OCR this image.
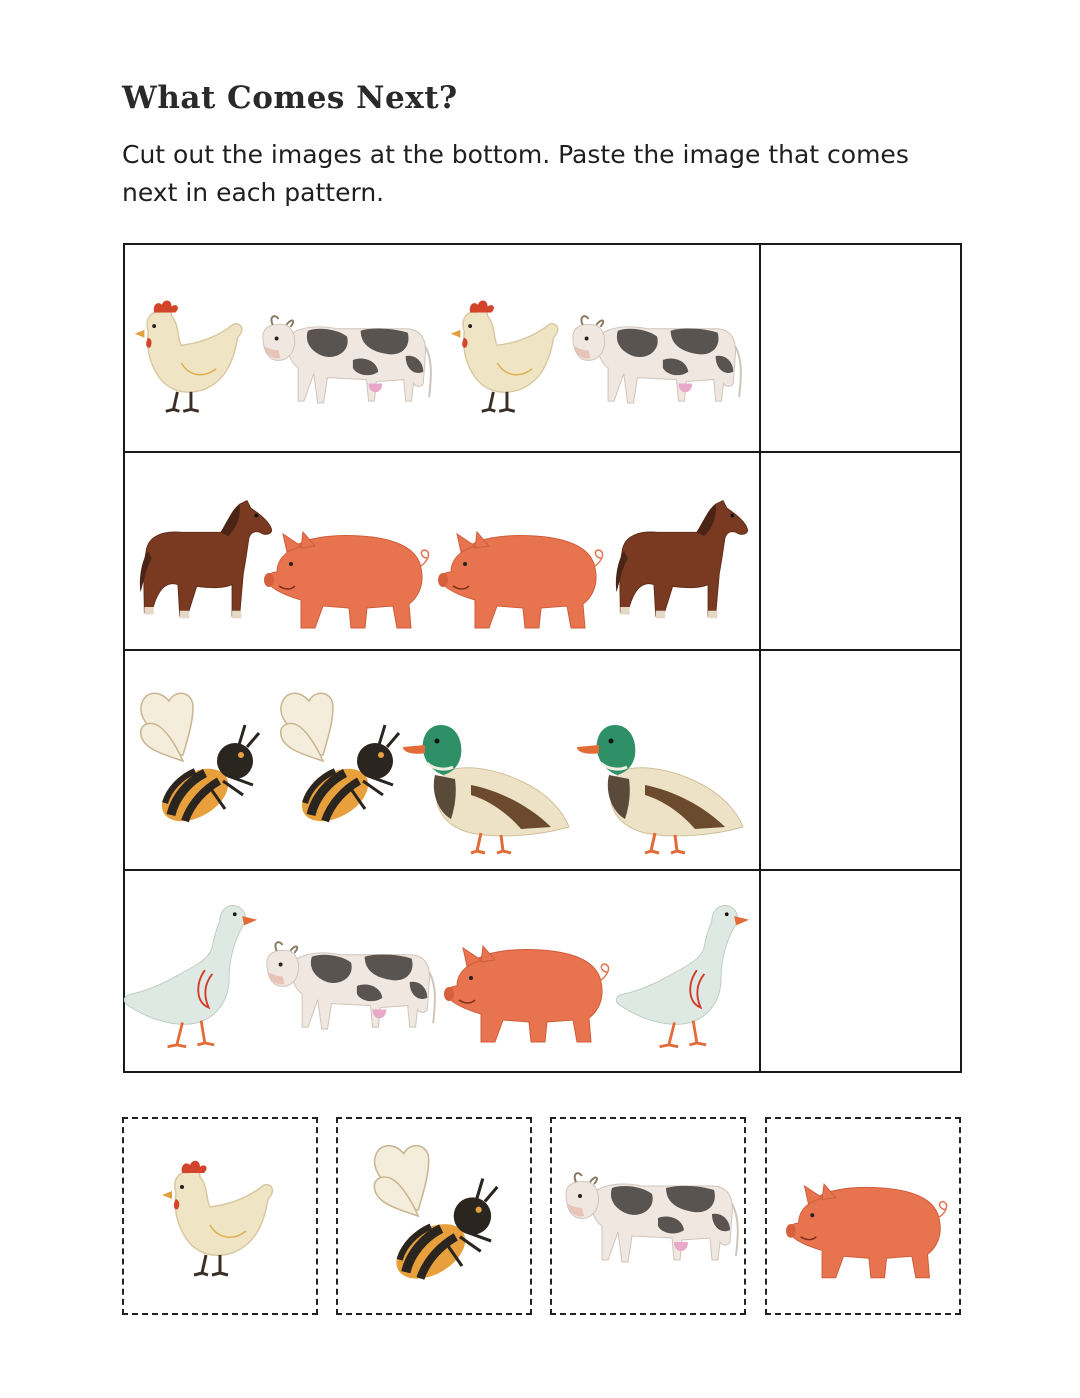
What Comes Next?
Cut out the images at the bottom. Paste the image that comes next in each pattern.
